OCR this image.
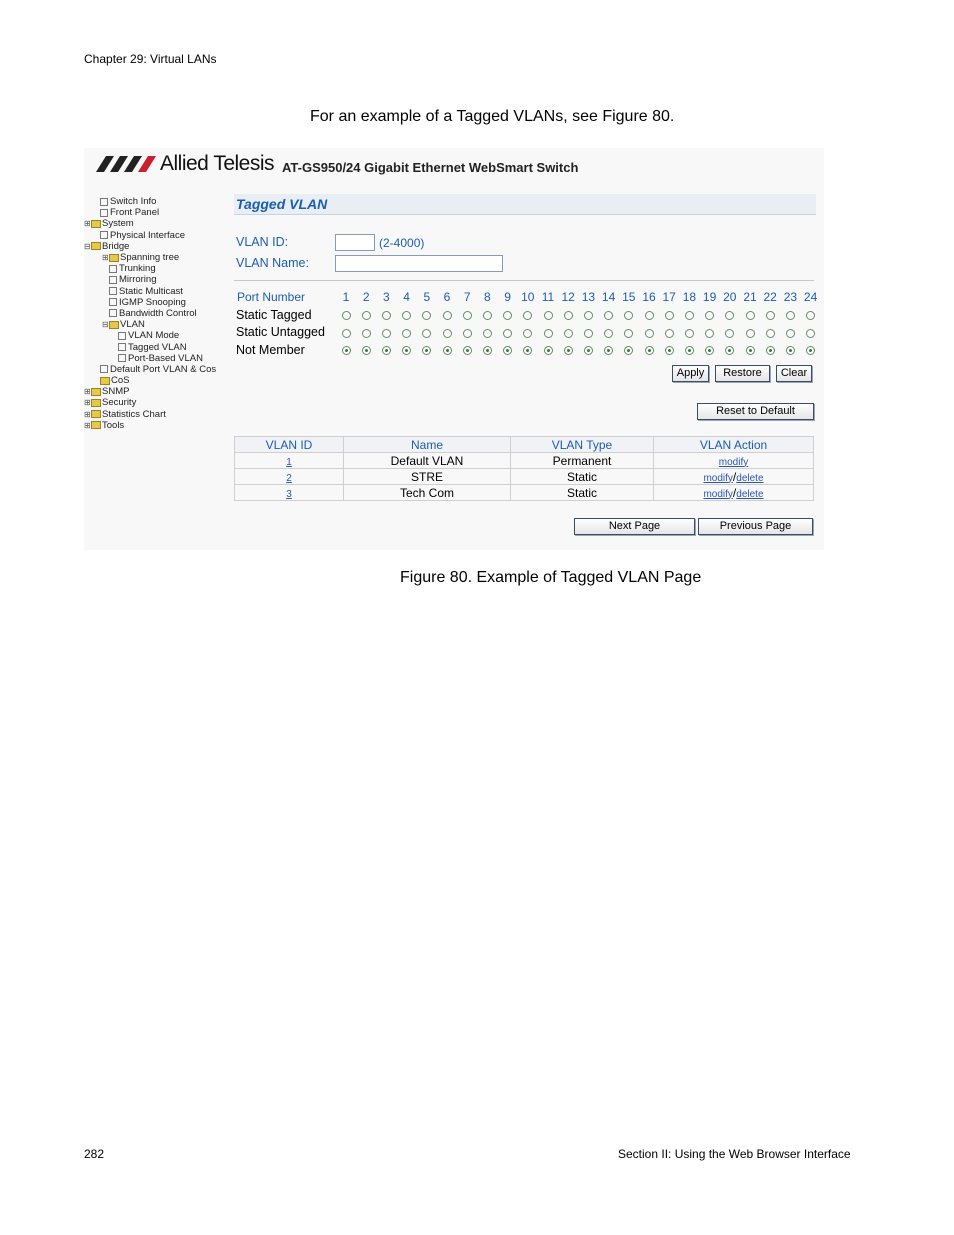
Chapter 29: Virtual LANs
For an example of a Tagged VLANs, see Figure 80.
Allied Telesis AT-GS950/24 Gigabit Ethernet WebSmart Switch
Switch Info
Front Panel
⊞ System
Physical Interface
⊟ Bridge
⊞ Spanning tree
Trunking
Mirroring
Static Multicast
IGMP Snooping
Bandwidth Control
⊟ VLAN
VLAN Mode
Tagged VLAN
Port-Based VLAN
Default Port VLAN & Cos
CoS
⊞ SNMP
⊞ Security
⊞ Statistics Chart
⊞ Tools
Tagged VLAN
VLAN ID:	(2-4000)
VLAN Name:
Port Number	1	2	3	4	5	6	7	8	9 10 11 12 13 14 15 16 17 18 19 20 21 22 23 24
Static Tagged
Static Untagged
Not Member
Apply	Restore	Clear
Reset to Default
VLAN ID	Name	VLAN Type	VLAN Action
1	Default VLAN	Permanent	modify
2	STRE	Static	modify/delete
3	Tech Com	Static	modify/delete
Next Page	Previous Page
Figure 80. Example of Tagged VLAN Page
282	Section II: Using the Web Browser Interface
